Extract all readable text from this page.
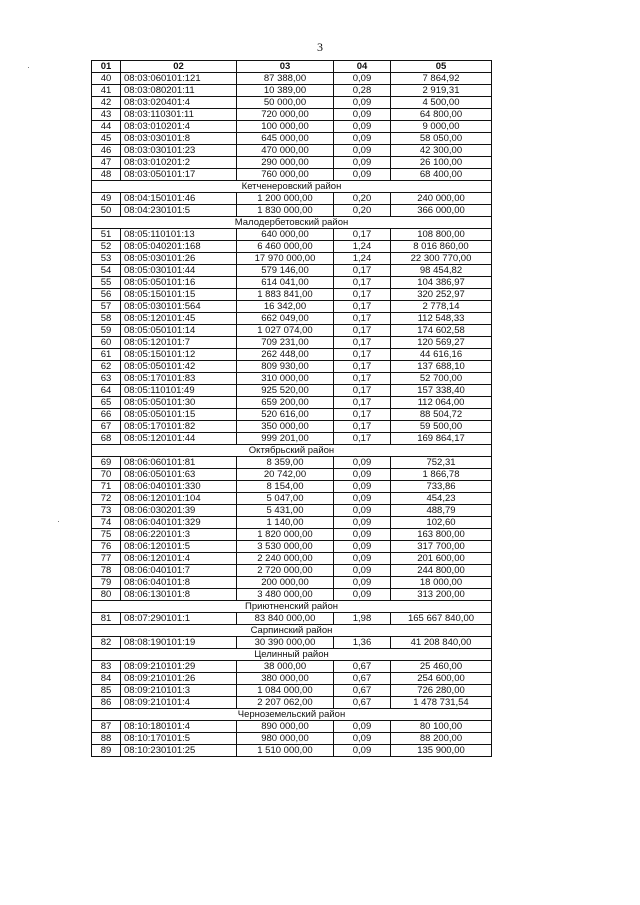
3
·
·
01	02	03	04	05
40	08:03:060101:121	87 388,00	0,09	7 864,92
41	08:03:080201:11	10 389,00	0,28	2 919,31
42	08:03:020401:4	50 000,00	0,09	4 500,00
43	08:03:110301:11	720 000,00	0,09	64 800,00
44	08:03:010201:4	100 000,00	0,09	9 000,00
45	08:03:030101:8	645 000,00	0,09	58 050,00
46	08:03:030101:23	470 000,00	0,09	42 300,00
47	08:03:010201:2	290 000,00	0,09	26 100,00
48	08:03:050101:17	760 000,00	0,09	68 400,00
Кетченеровский район				
49	08:04:150101:46	1 200 000,00	0,20	240 000,00
50	08:04:230101:5	1 830 000,00	0,20	366 000,00
Малодербетовский район				
51	08:05:110101:13	640 000,00	0,17	108 800,00
52	08:05:040201:168	6 460 000,00	1,24	8 016 860,00
53	08:05:030101:26	17 970 000,00	1,24	22 300 770,00
54	08:05:030101:44	579 146,00	0,17	98 454,82
55	08:05:050101:16	614 041,00	0,17	104 386,97
56	08:05:150101:15	1 883 841,00	0,17	320 252,97
57	08:05:030101:564	16 342,00	0,17	2 778,14
58	08:05:120101:45	662 049,00	0,17	112 548,33
59	08:05:050101:14	1 027 074,00	0,17	174 602,58
60	08:05:120101:7	709 231,00	0,17	120 569,27
61	08:05:150101:12	262 448,00	0,17	44 616,16
62	08:05:050101:42	809 930,00	0,17	137 688,10
63	08:05:170101:83	310 000,00	0,17	52 700,00
64	08:05:110101:49	925 520,00	0,17	157 338,40
65	08:05:050101:30	659 200,00	0,17	112 064,00
66	08:05:050101:15	520 616,00	0,17	88 504,72
67	08:05:170101:82	350 000,00	0,17	59 500,00
68	08:05:120101:44	999 201,00	0,17	169 864,17
Октябрьский район				
69	08:06:060101:81	8 359,00	0,09	752,31
70	08:06:050101:63	20 742,00	0,09	1 866,78
71	08:06:040101:330	8 154,00	0,09	733,86
72	08:06:120101:104	5 047,00	0,09	454,23
73	08:06:030201:39	5 431,00	0,09	488,79
74	08:06:040101:329	1 140,00	0,09	102,60
75	08:06:220101:3	1 820 000,00	0,09	163 800,00
76	08:06:120101:5	3 530 000,00	0,09	317 700,00
77	08:06:120101:4	2 240 000,00	0,09	201 600,00
78	08:06:040101:7	2 720 000,00	0,09	244 800,00
79	08:06:040101:8	200 000,00	0,09	18 000,00
80	08:06:130101:8	3 480 000,00	0,09	313 200,00
Приютненский район				
81	08:07:290101:1	83 840 000,00	1,98	165 667 840,00
Сарпинский район				
82	08:08:190101:19	30 390 000,00	1,36	41 208 840,00
Целинный район				
83	08:09:210101:29	38 000,00	0,67	25 460,00
84	08:09:210101:26	380 000,00	0,67	254 600,00
85	08:09:210101:3	1 084 000,00	0,67	726 280,00
86	08:09:210101:4	2 207 062,00	0,67	1 478 731,54
Черноземельский район				
87	08:10:180101:4	890 000,00	0,09	80 100,00
88	08:10:170101:5	980 000,00	0,09	88 200,00
89	08:10:230101:25	1 510 000,00	0,09	135 900,00
